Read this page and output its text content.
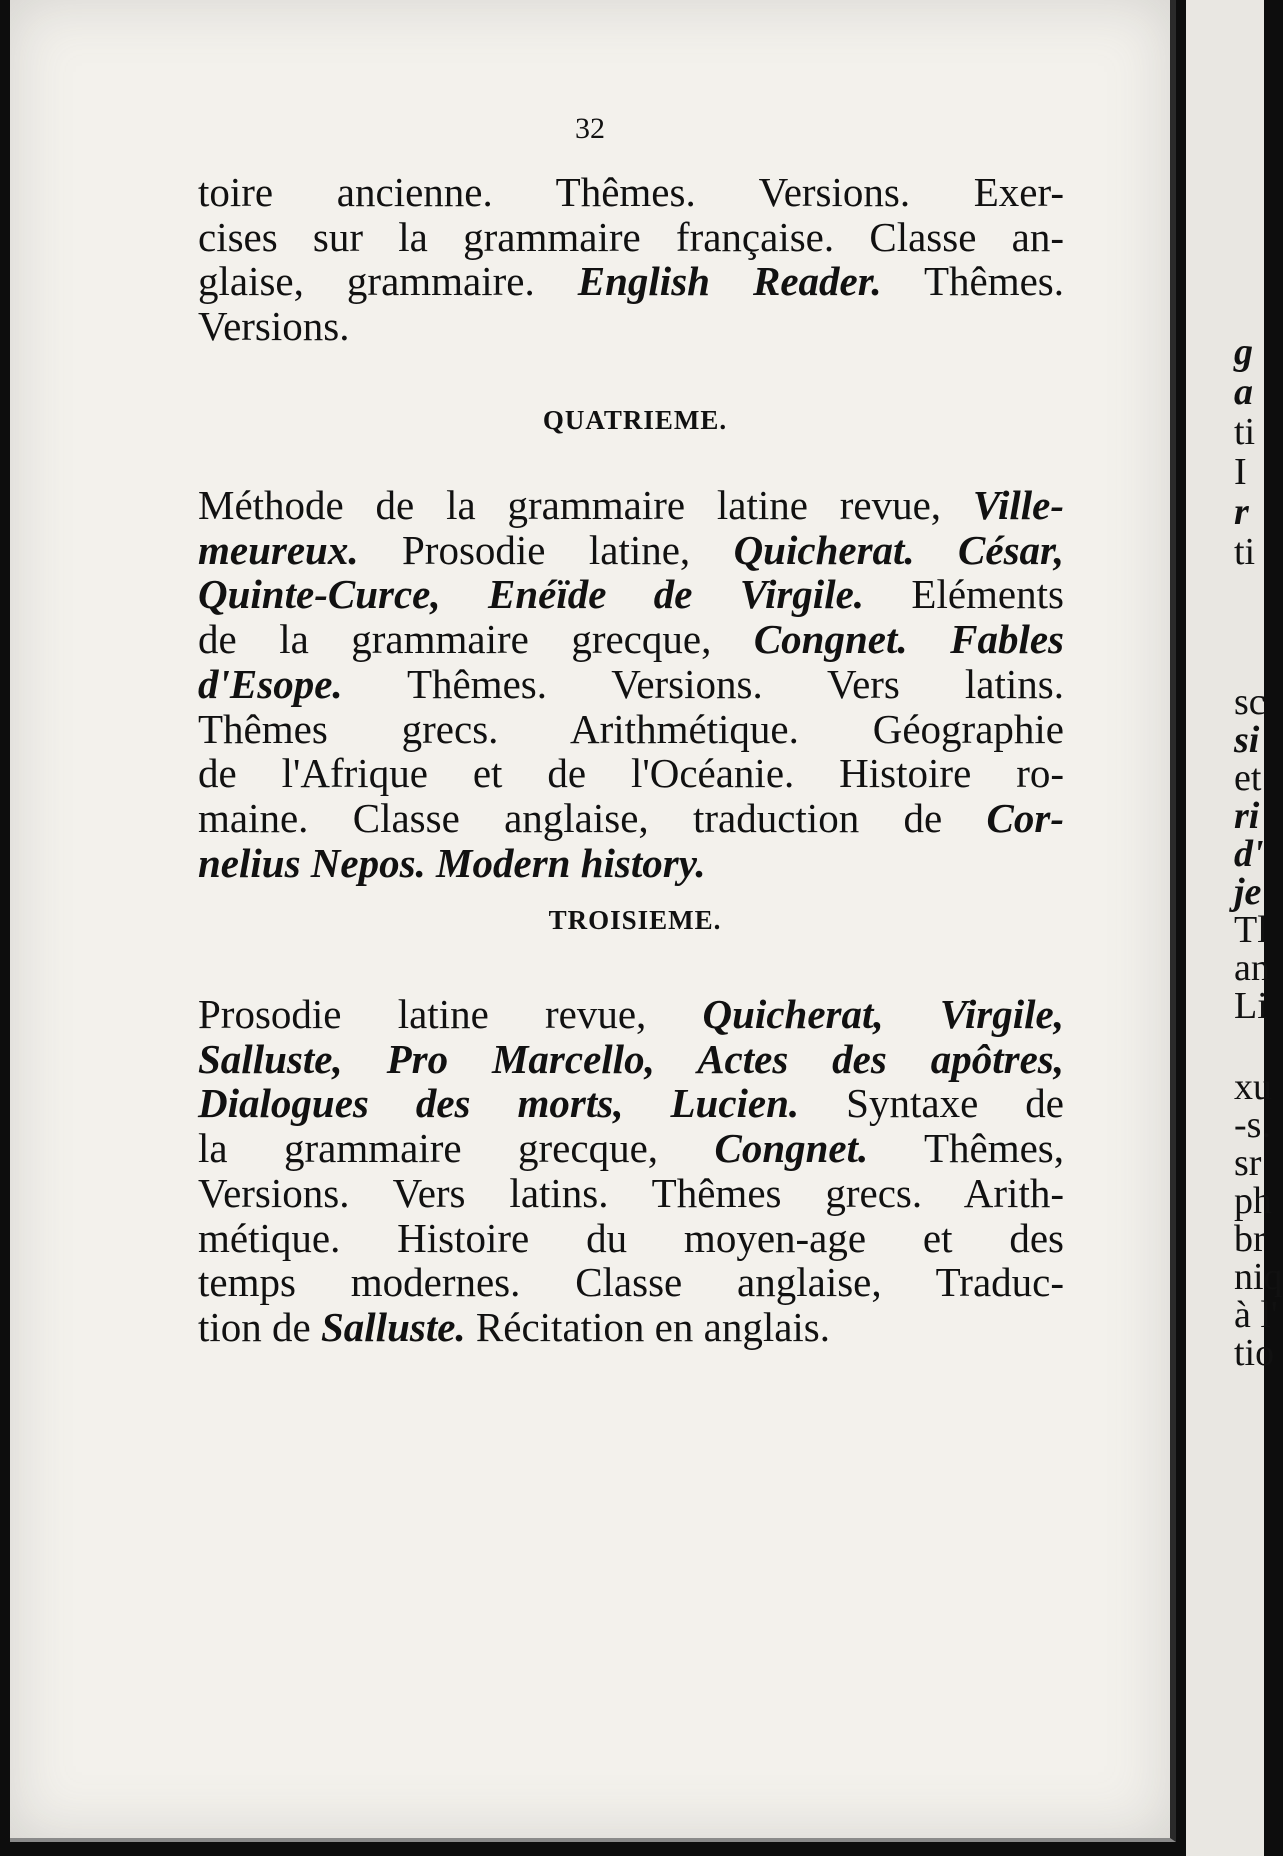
32
toire ancienne. Thêmes. Versions. Exer-
cises sur la grammaire française. Classe an-
glaise, grammaire. English Reader. Thêmes.
Versions.
QUATRIEME.
Méthode de la grammaire latine revue, Ville-
meureux. Prosodie latine, Quicherat. César,
Quinte-Curce, Enéïde de Virgile. Eléments
de la grammaire grecque, Congnet. Fables
d'Esope. Thêmes. Versions. Vers latins.
Thêmes grecs. Arithmétique. Géographie
de l'Afrique et de l'Océanie. Histoire ro-
maine. Classe anglaise, traduction de Cor-
nelius Nepos. Modern history.
TROISIEME.
Prosodie latine revue, Quicherat, Virgile,
Salluste, Pro Marcello, Actes des apôtres,
Dialogues des morts, Lucien. Syntaxe de
la grammaire grecque, Congnet. Thêmes,
Versions. Vers latins. Thêmes grecs. Arith-
métique. Histoire du moyen-age et des
temps modernes. Classe anglaise, Traduc-
tion de Salluste. Récitation en anglais.
g
a
ti
I
r
ti
sc
si
et
ri
d'
je
Tl
an
Li
xu
-s.
sr
ph
br
niq
à l'
tio
